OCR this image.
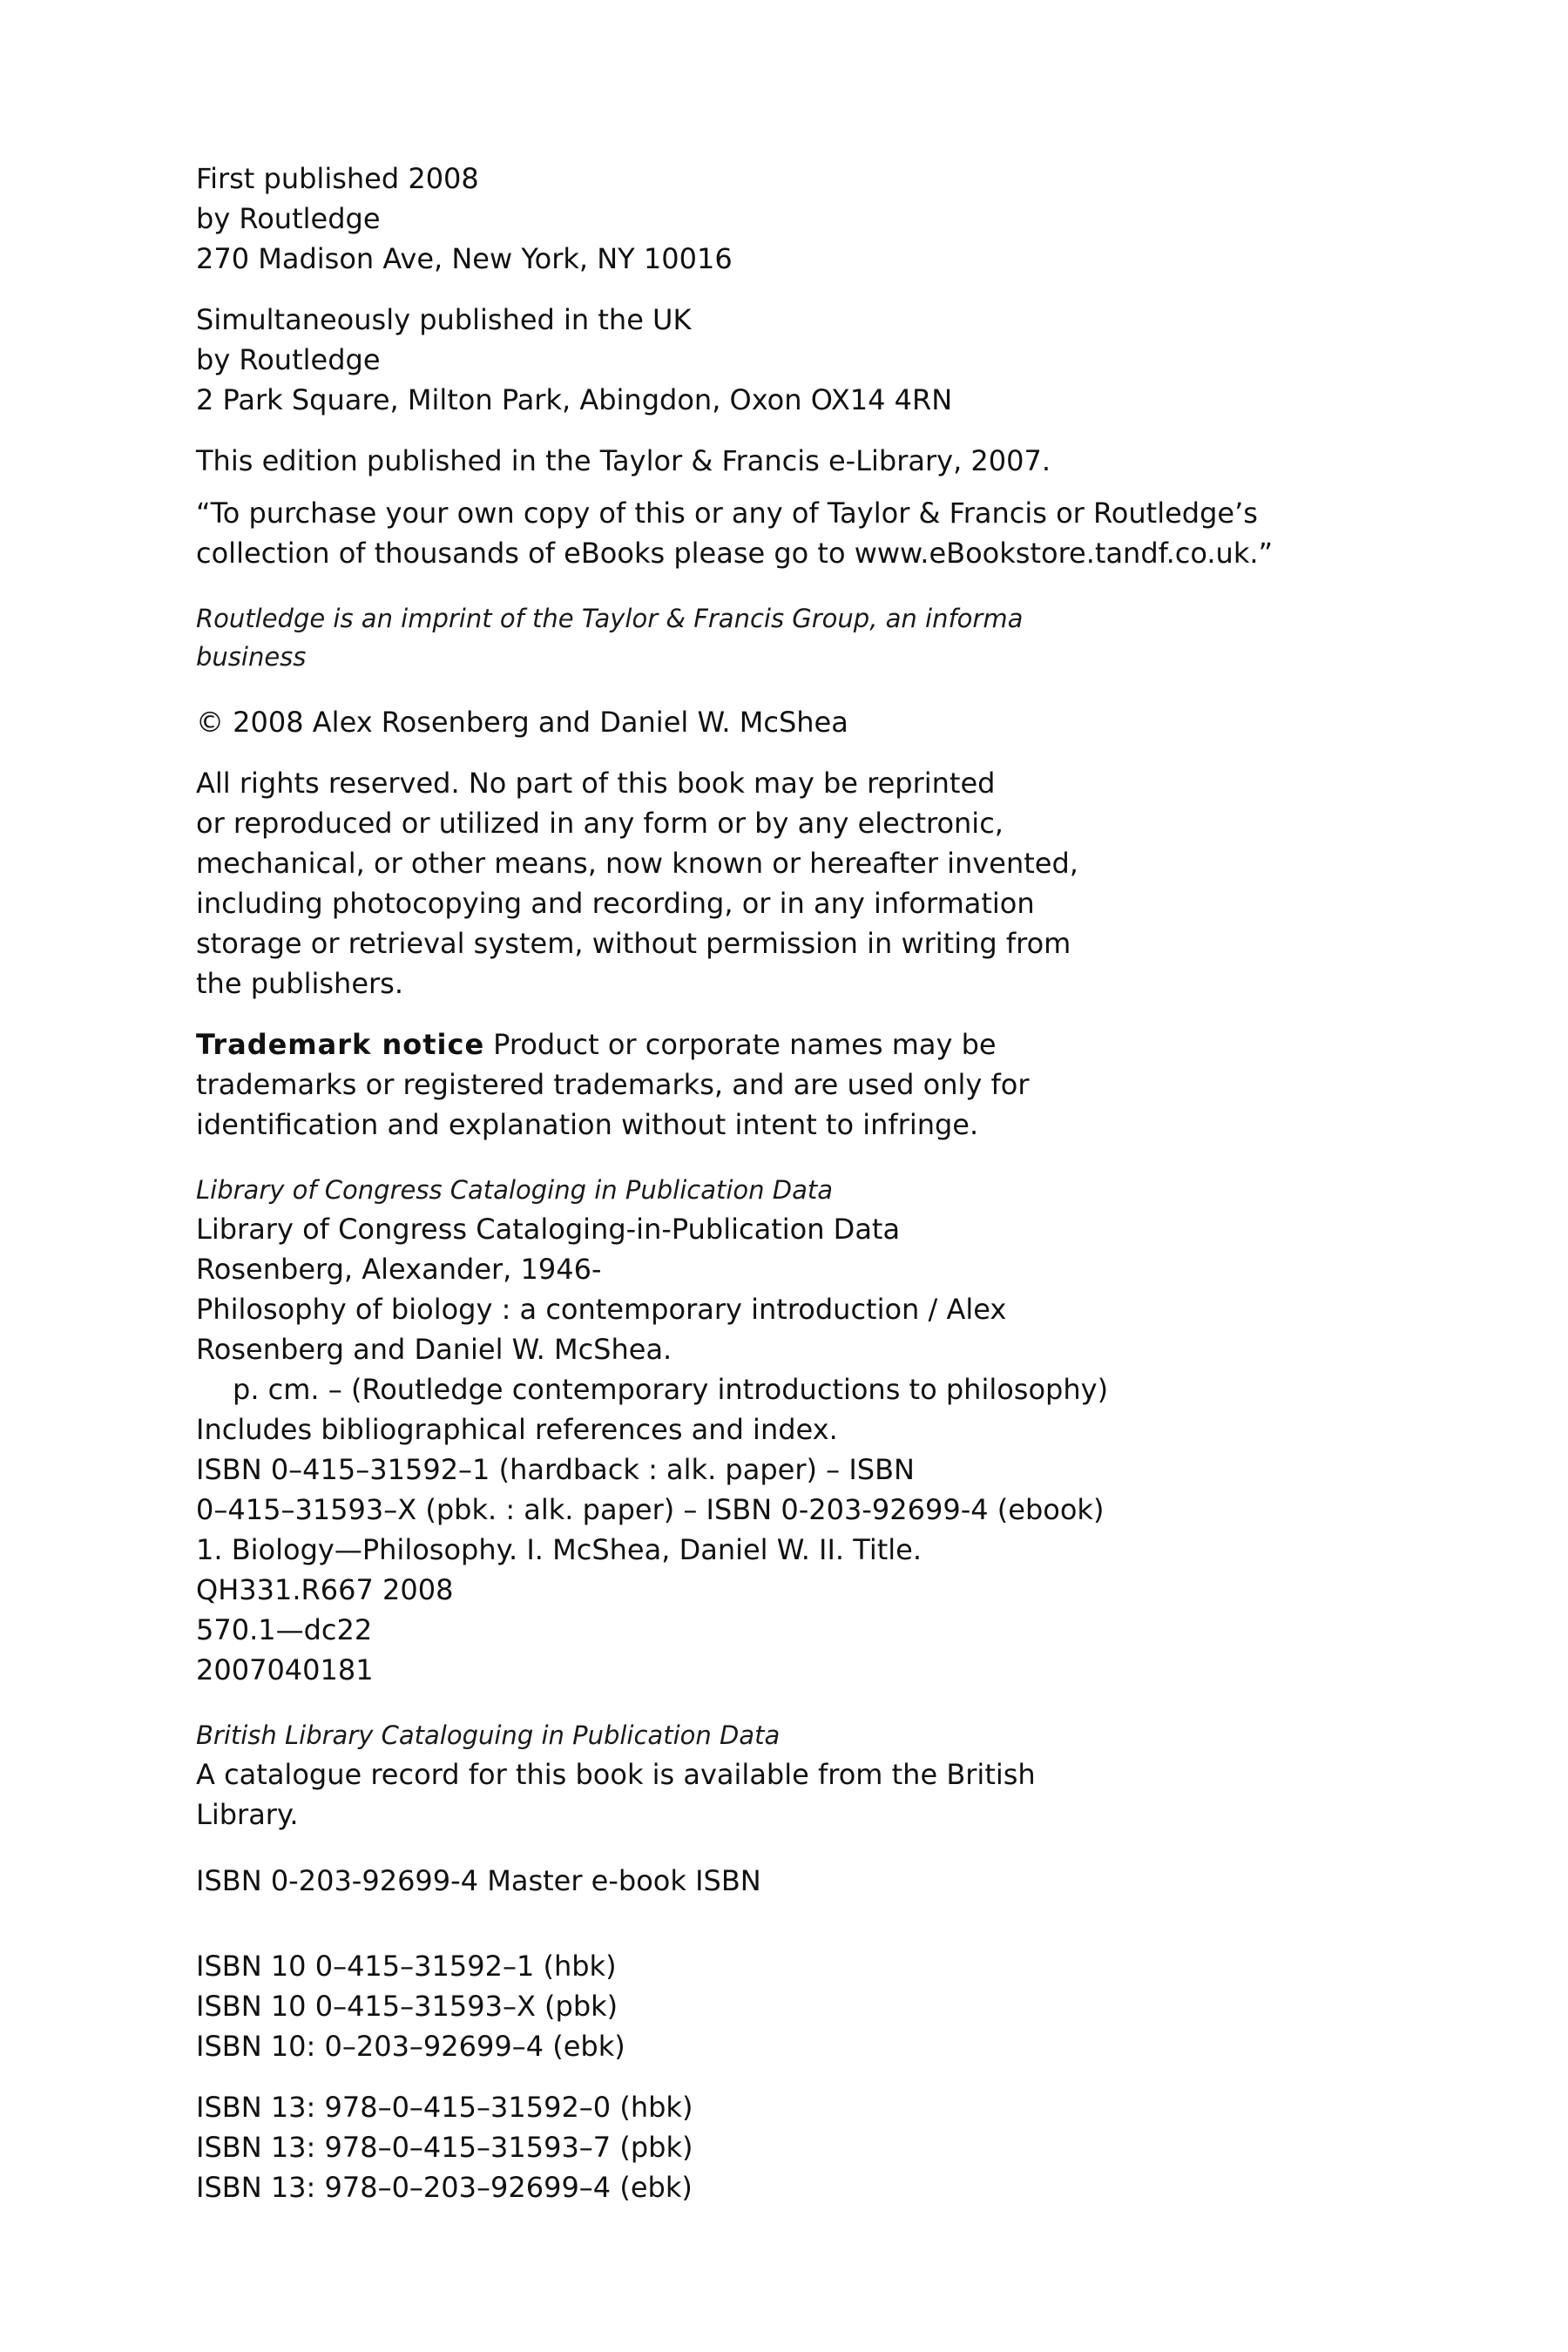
First published 2008
by Routledge
270 Madison Ave, New York, NY 10016
Simultaneously published in the UK
by Routledge
2 Park Square, Milton Park, Abingdon, Oxon OX14 4RN
This edition published in the Taylor & Francis e-Library, 2007.
“To purchase your own copy of this or any of Taylor & Francis or Routledge’s
collection of thousands of eBooks please go to www.eBookstore.tandf.co.uk.”
Routledge is an imprint of the Taylor & Francis Group, an informa
business
© 2008 Alex Rosenberg and Daniel W. McShea
All rights reserved. No part of this book may be reprinted
or reproduced or utilized in any form or by any electronic,
mechanical, or other means, now known or hereafter invented,
including photocopying and recording, or in any information
storage or retrieval system, without permission in writing from
the publishers.
Trademark notice Product or corporate names may be
trademarks or registered trademarks, and are used only for
identification and explanation without intent to infringe.
Library of Congress Cataloging in Publication Data
Library of Congress Cataloging-in-Publication Data
Rosenberg, Alexander, 1946-
Philosophy of biology : a contemporary introduction / Alex
Rosenberg and Daniel W. McShea.
p. cm. – (Routledge contemporary introductions to philosophy)
Includes bibliographical references and index.
ISBN 0–415–31592–1 (hardback : alk. paper) – ISBN
0–415–31593–X (pbk. : alk. paper) – ISBN 0-203-92699-4 (ebook)
1. Biology—Philosophy. I. McShea, Daniel W. II. Title.
QH331.R667 2008
570.1—dc22
2007040181
British Library Cataloguing in Publication Data
A catalogue record for this book is available from the British
Library.
ISBN 0-203-92699-4 Master e-book ISBN
ISBN 10 0–415–31592–1 (hbk)
ISBN 10 0–415–31593–X (pbk)
ISBN 10: 0–203–92699–4 (ebk)
ISBN 13: 978–0–415–31592–0 (hbk)
ISBN 13: 978–0–415–31593–7 (pbk)
ISBN 13: 978–0–203–92699–4 (ebk)
